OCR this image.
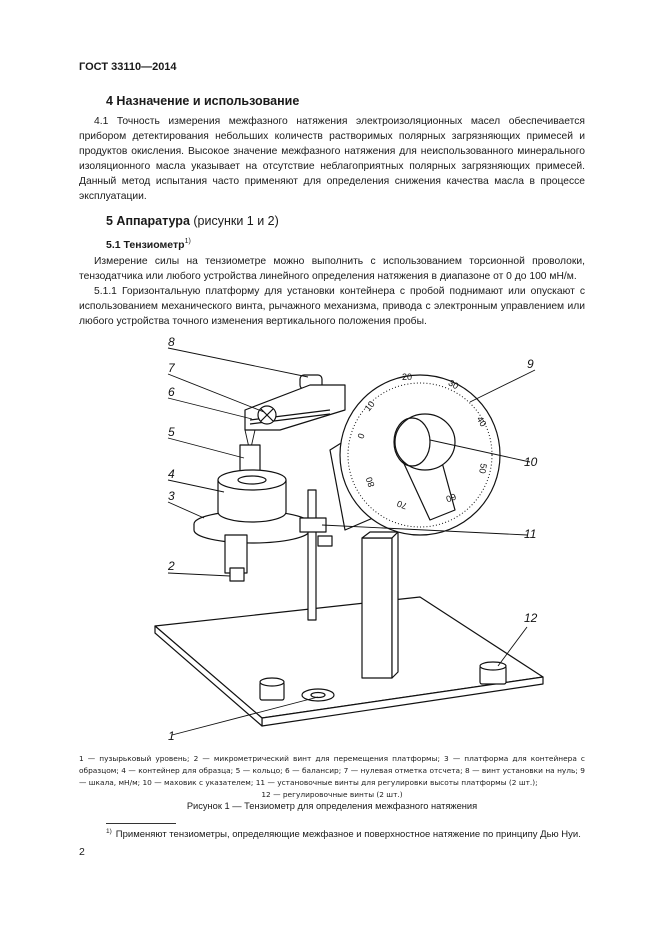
ГОСТ 33110—2014
4 Назначение и использование
4.1 Точность измерения межфазного натяжения электроизоляционных масел обеспечивается прибором детектирования небольших количеств растворимых полярных загрязняющих примесей и продуктов окисления. Высокое значение межфазного натяжения для неиспользованного минерального изоляционного масла указывает на отсутствие неблагоприятных полярных загрязняющих примесей. Данный метод испытания часто применяют для определения снижения качества масла в процессе эксплуатации.
5 Аппаратура (рисунки 1 и 2)
5.1 Тензиометр$^{1)}$
Измерение силы на тензиометре можно выполнить с использованием торсионной проволоки, тензодатчика или любого устройства линейного определения натяжения в диапазоне от 0 до 100 мН/м.
5.1.1 Горизонтальную платформу для установки контейнера с пробой поднимают или опускают с использованием механического винта, рычажного механизма, привода с электронным управлением или любого устройства точного изменения вертикального положения пробы.
0
10
20
30
40
50
60
70
80
8
7
6
5
4
3
2
9
10
11
12
1
1 — пузырьковый уровень; 2 — микрометрический винт для перемещения платформы; 3 — платформа для контейнера с образцом; 4 — контейнер для образца; 5 — кольцо; 6 — балансир; 7 — нулевая отметка отсчета; 8 — винт установки на нуль; 9 — шкала, мН/м; 10 — маховик с указателем; 11 — установочные винты для регулировки высоты платформы (2 шт.);
12 — регулировочные винты (2 шт.)
Рисунок 1 — Тензиометр для определения межфазного натяжения
$^{1)}$ Применяют тензиометры, определяющие межфазное и поверхностное натяжение по принципу Дью Нуи.
2
